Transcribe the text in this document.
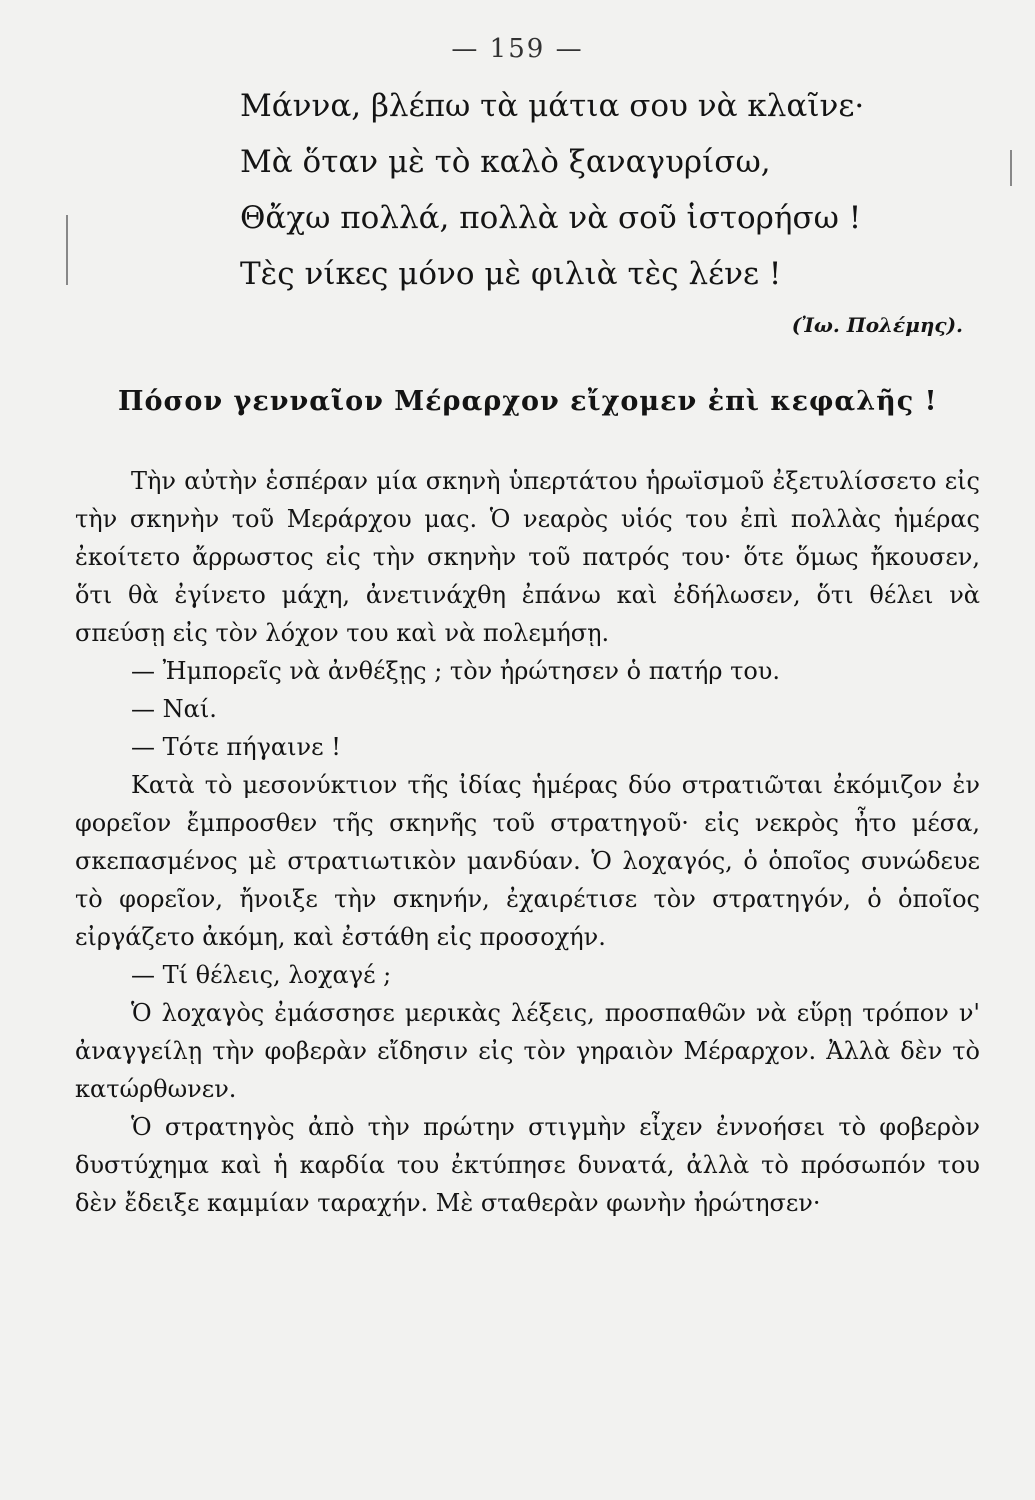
— 159 —
Μάννα, βλέπω τὰ μάτια σου νὰ κλαῖνε·
Μὰ ὅταν μὲ τὸ καλὸ ξαναγυρίσω,
Θἄχω πολλά, πολλὰ νὰ σοῦ ἱστορήσω !
Τὲς νίκες μόνο μὲ φιλιὰ τὲς λένε !
(Ἰω. Πολέμης).
Πόσον γενναῖον Μέραρχον εἴχομεν ἐπὶ κεφαλῆς !

Τὴν αὐτὴν ἑσπέραν μία σκηνὴ ὑπερτάτου ἡρωϊσμοῦ ἐξετυλίσσετο εἰς τὴν σκηνὴν τοῦ Μεράρχου μας. Ὁ νεαρὸς υἱός του ἐπὶ πολλὰς ἡμέρας ἐκοίτετο ἄρρωστος εἰς τὴν σκηνὴν τοῦ πατρός του· ὅτε ὅμως ἤκουσεν, ὅτι θὰ ἐγίνετο μάχη, ἀνετινάχθη ἐπάνω καὶ ἐδήλωσεν, ὅτι θέλει νὰ σπεύσῃ εἰς τὸν λόχον του καὶ νὰ πολεμήσῃ.

— Ἠμπορεῖς νὰ ἀνθέξῃς ; τὸν ἠρώτησεν ὁ πατήρ του.

— Ναί.

— Τότε πήγαινε !

Κατὰ τὸ μεσονύκτιον τῆς ἰδίας ἡμέρας δύο στρατιῶται ἐκόμιζον ἐν φορεῖον ἔμπροσθεν τῆς σκηνῆς τοῦ στρατηγοῦ· εἰς νεκρὸς ἦτο μέσα, σκεπασμένος μὲ στρατιωτικὸν μανδύαν. Ὁ λοχαγός, ὁ ὁποῖος συνώδευε τὸ φορεῖον, ἤνοιξε τὴν σκηνήν, ἐχαιρέτισε τὸν στρατηγόν, ὁ ὁποῖος εἰργάζετο ἀκόμη, καὶ ἐστάθη εἰς προσοχήν.

— Τί θέλεις, λοχαγέ ;

Ὁ λοχαγὸς ἐμάσσησε μερικὰς λέξεις, προσπαθῶν νὰ εὕρῃ τρόπον ν' ἀναγγείλῃ τὴν φοβερὰν εἴδησιν εἰς τὸν γηραιὸν Μέραρχον. Ἀλλὰ δὲν τὸ κατώρθωνεν.

Ὁ στρατηγὸς ἀπὸ τὴν πρώτην στιγμὴν εἶχεν ἐννοήσει τὸ φοβερὸν δυστύχημα καὶ ἡ καρδία του ἐκτύπησε δυνατά, ἀλλὰ τὸ πρόσωπόν του δὲν ἔδειξε καμμίαν ταραχήν. Μὲ σταθερὰν φωνὴν ἠρώτησεν·
